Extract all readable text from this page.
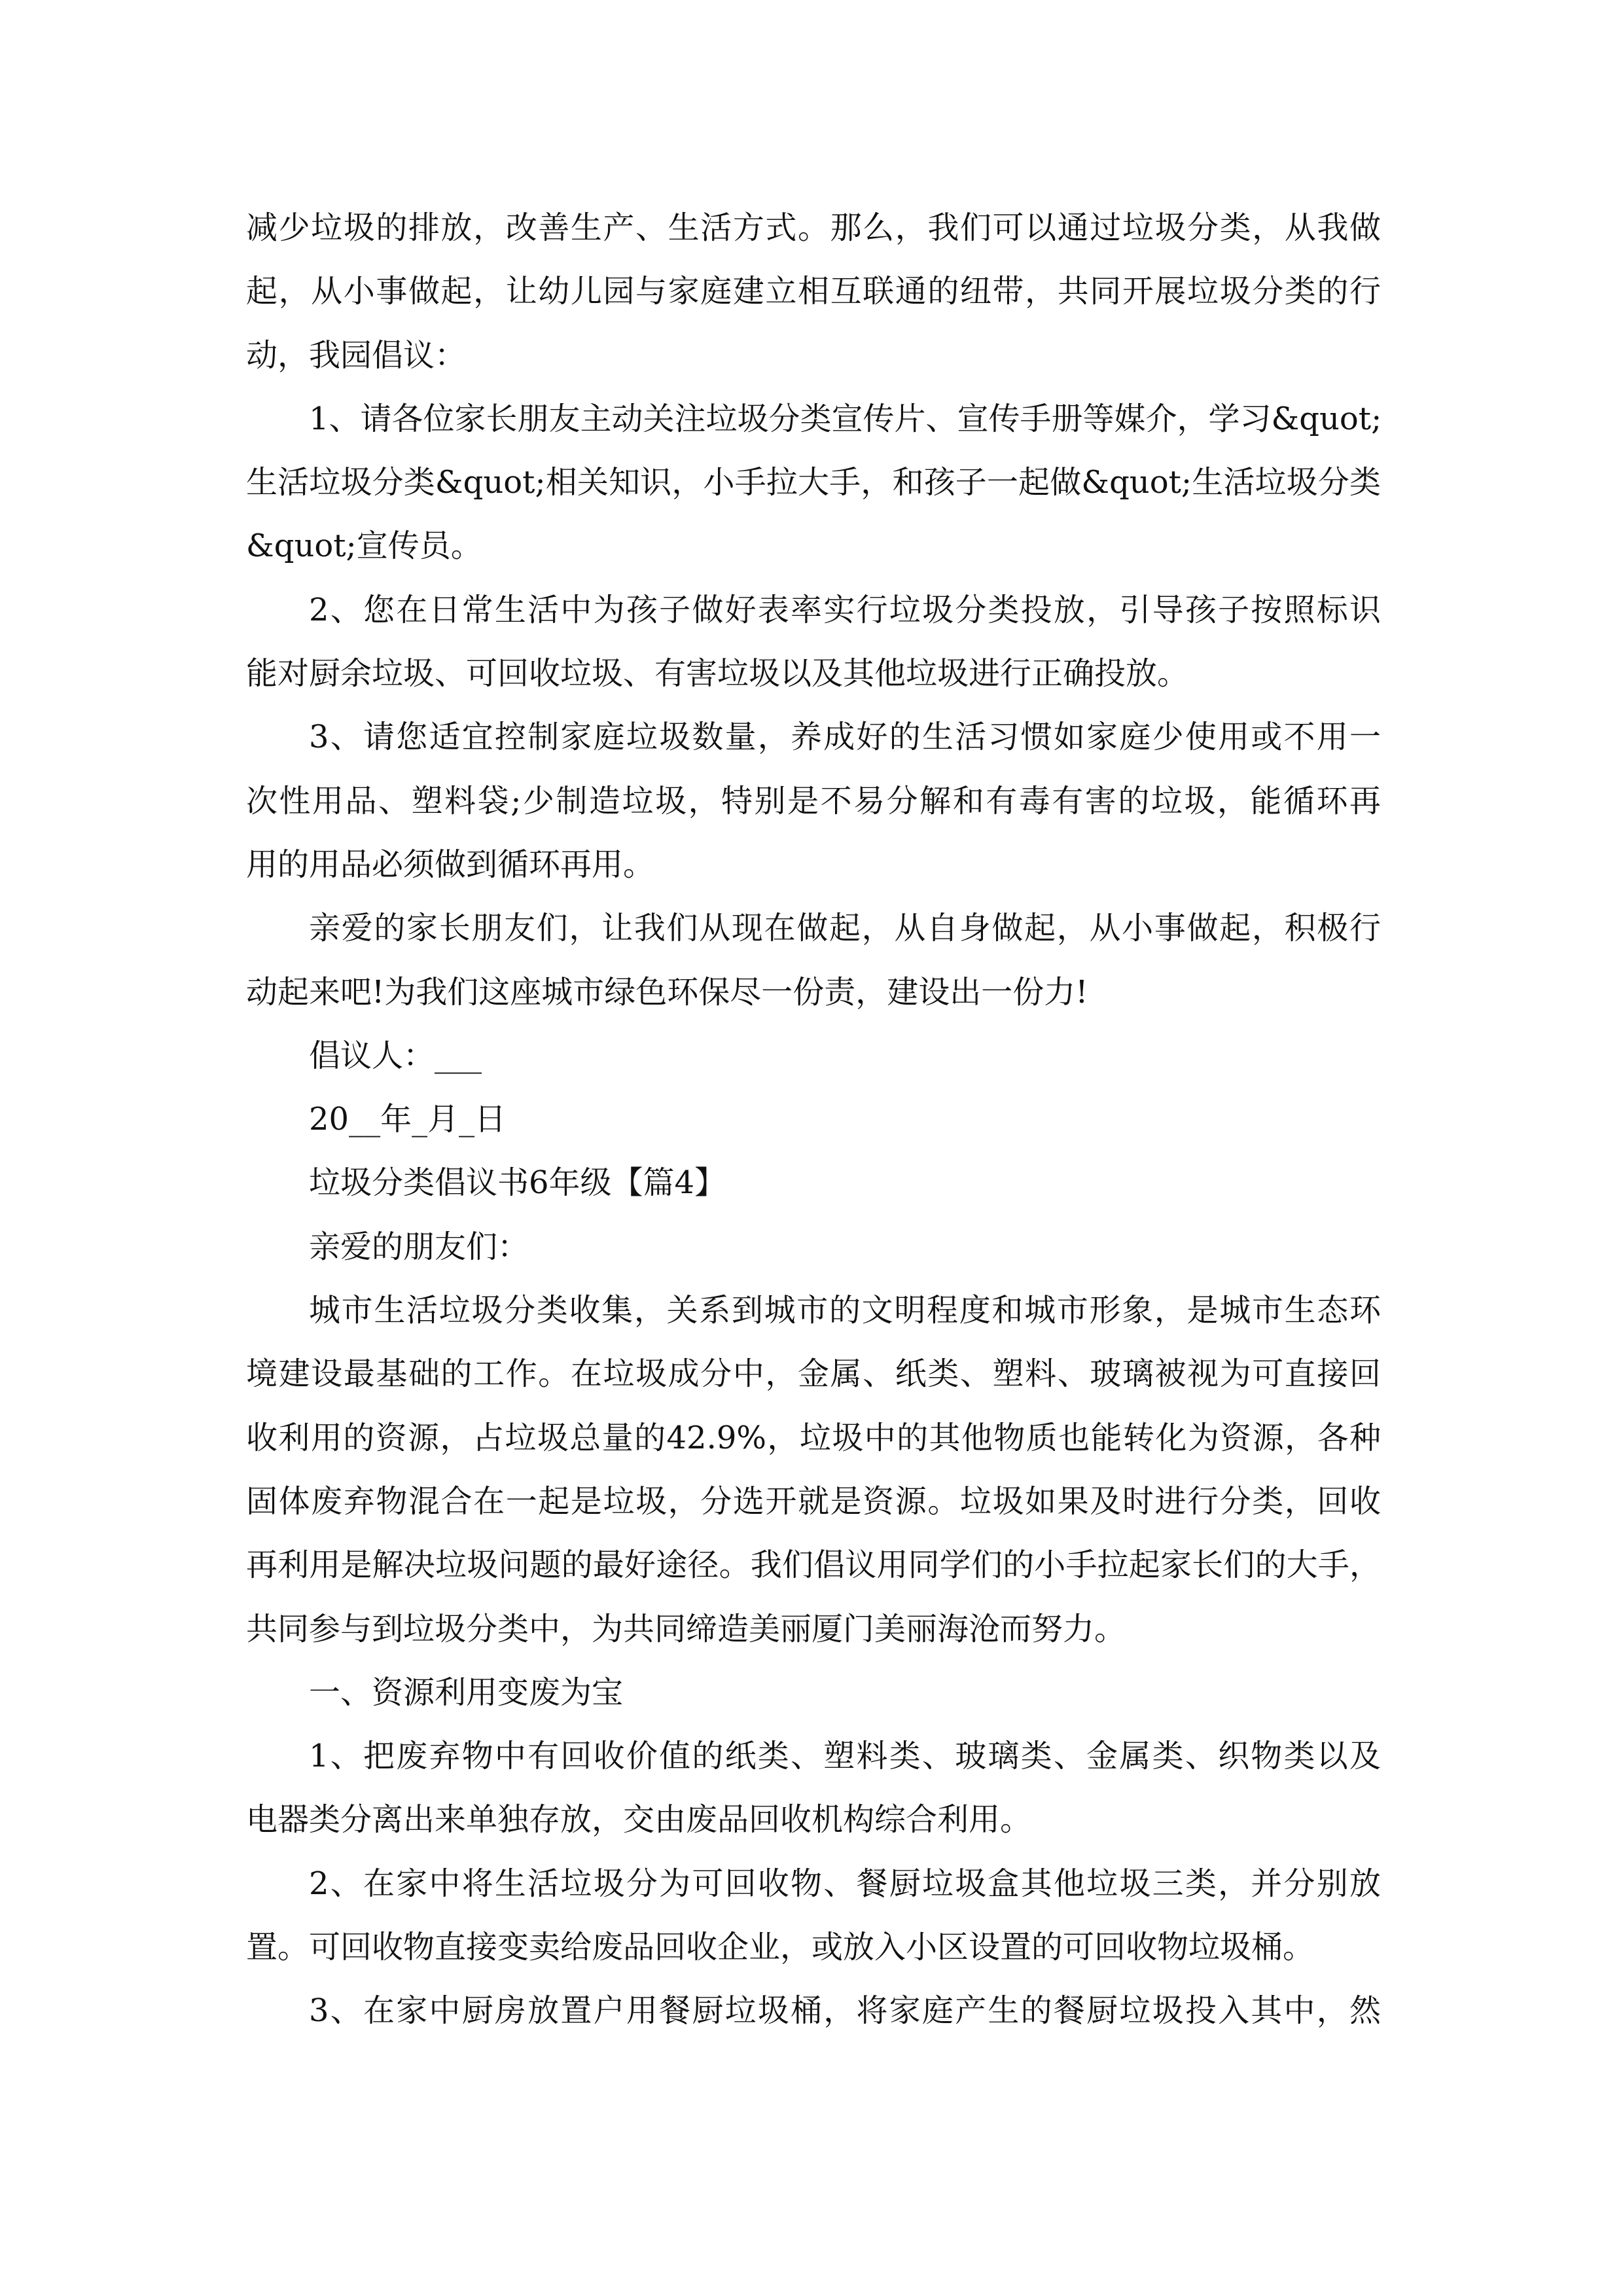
减少垃圾的排放，改善生产、生活方式。那么，我们可以通过垃圾分类，从我做
起，从小事做起，让幼儿园与家庭建立相互联通的纽带，共同开展垃圾分类的行
动，我园倡议：
1、请各位家长朋友主动关注垃圾分类宣传片、宣传手册等媒介，学习&quot;
生活垃圾分类&quot;相关知识，小手拉大手，和孩子一起做&quot;生活垃圾分类
&quot;宣传员。
2、您在日常生活中为孩子做好表率实行垃圾分类投放，引导孩子按照标识
能对厨余垃圾、可回收垃圾、有害垃圾以及其他垃圾进行正确投放。
3、请您适宜控制家庭垃圾数量，养成好的生活习惯如家庭少使用或不用一
次性用品、塑料袋;少制造垃圾，特别是不易分解和有毒有害的垃圾，能循环再
用的用品必须做到循环再用。
亲爱的家长朋友们，让我们从现在做起，从自身做起，从小事做起，积极行
动起来吧!为我们这座城市绿色环保尽一份责，建设出一份力!
倡议人：___
20__年_月_日
垃圾分类倡议书6年级【篇4】
亲爱的朋友们：
城市生活垃圾分类收集，关系到城市的文明程度和城市形象，是城市生态环
境建设最基础的工作。在垃圾成分中，金属、纸类、塑料、玻璃被视为可直接回
收利用的资源，占垃圾总量的42.9%，垃圾中的其他物质也能转化为资源，各种
固体废弃物混合在一起是垃圾，分选开就是资源。垃圾如果及时进行分类，回收
再利用是解决垃圾问题的最好途径。我们倡议用同学们的小手拉起家长们的大手，
共同参与到垃圾分类中，为共同缔造美丽厦门美丽海沧而努力。
一、资源利用变废为宝
1、把废弃物中有回收价值的纸类、塑料类、玻璃类、金属类、织物类以及
电器类分离出来单独存放，交由废品回收机构综合利用。
2、在家中将生活垃圾分为可回收物、餐厨垃圾盒其他垃圾三类，并分别放
置。可回收物直接变卖给废品回收企业，或放入小区设置的可回收物垃圾桶。
3、在家中厨房放置户用餐厨垃圾桶，将家庭产生的餐厨垃圾投入其中，然
